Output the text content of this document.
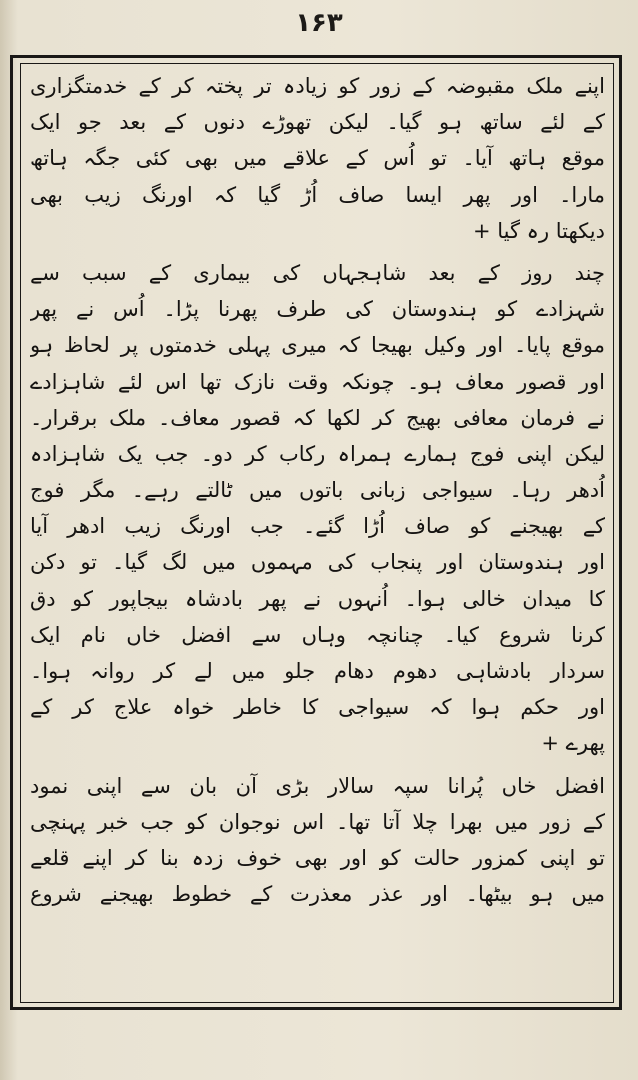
۱۶۳
اپنے ملک مقبوضہ کے زور کو زیادہ تر پختہ کر کے خدمتگزاری
کے لئے ساتھ ہو گیا۔ لیکن تھوڑے دنوں کے بعد جو ایک
موقع ہاتھ آیا۔ تو اُس کے علاقے میں بھی کئی جگہ ہاتھ
مارا۔ اور پھر ایسا صاف اُڑ گیا کہ اورنگ زیب بھی
دیکھتا رہ گیا +
چند روز کے بعد شاہجہاں کی بیماری کے سبب سے
شہزادے کو ہندوستان کی طرف پھرنا پڑا۔ اُس نے پھر
موقع پایا۔ اور وکیل بھیجا کہ میری پہلی خدمتوں پر لحاظ ہو
اور قصور معاف ہو۔ چونکہ وقت نازک تھا اس لئے شاہزادے
نے فرمان معافی بھیج کر لکھا کہ قصور معاف۔ ملک برقرار۔
لیکن اپنی فوج ہمارے ہمراہ رکاب کر دو۔ جب یک شاہزادہ
اُدھر رہا۔ سیواجی زبانی باتوں میں ٹالتے رہے۔ مگر فوج
کے بھیجنے کو صاف اُڑا گئے۔ جب اورنگ زیب ادھر آیا
اور ہندوستان اور پنجاب کی مہموں میں لگ گیا۔ تو دکن
کا میدان خالی ہوا۔ اُنہوں نے پھر بادشاہ بیجاپور کو دق
کرنا شروع کیا۔ چنانچہ وہاں سے افضل خاں نام ایک
سردار بادشاہی دھوم دھام جلو میں لے کر روانہ ہوا۔
اور حکم ہوا کہ سیواجی کا خاطر خواہ علاج کر کے
پھرے +
افضل خاں پُرانا سپہ سالار بڑی آن بان سے اپنی نمود
کے زور میں بھرا چلا آتا تھا۔ اس نوجوان کو جب خبر پہنچی
تو اپنی کمزور حالت کو اور بھی خوف زدہ بنا کر اپنے قلعے
میں ہو بیٹھا۔ اور عذر معذرت کے خطوط بھیجنے شروع
